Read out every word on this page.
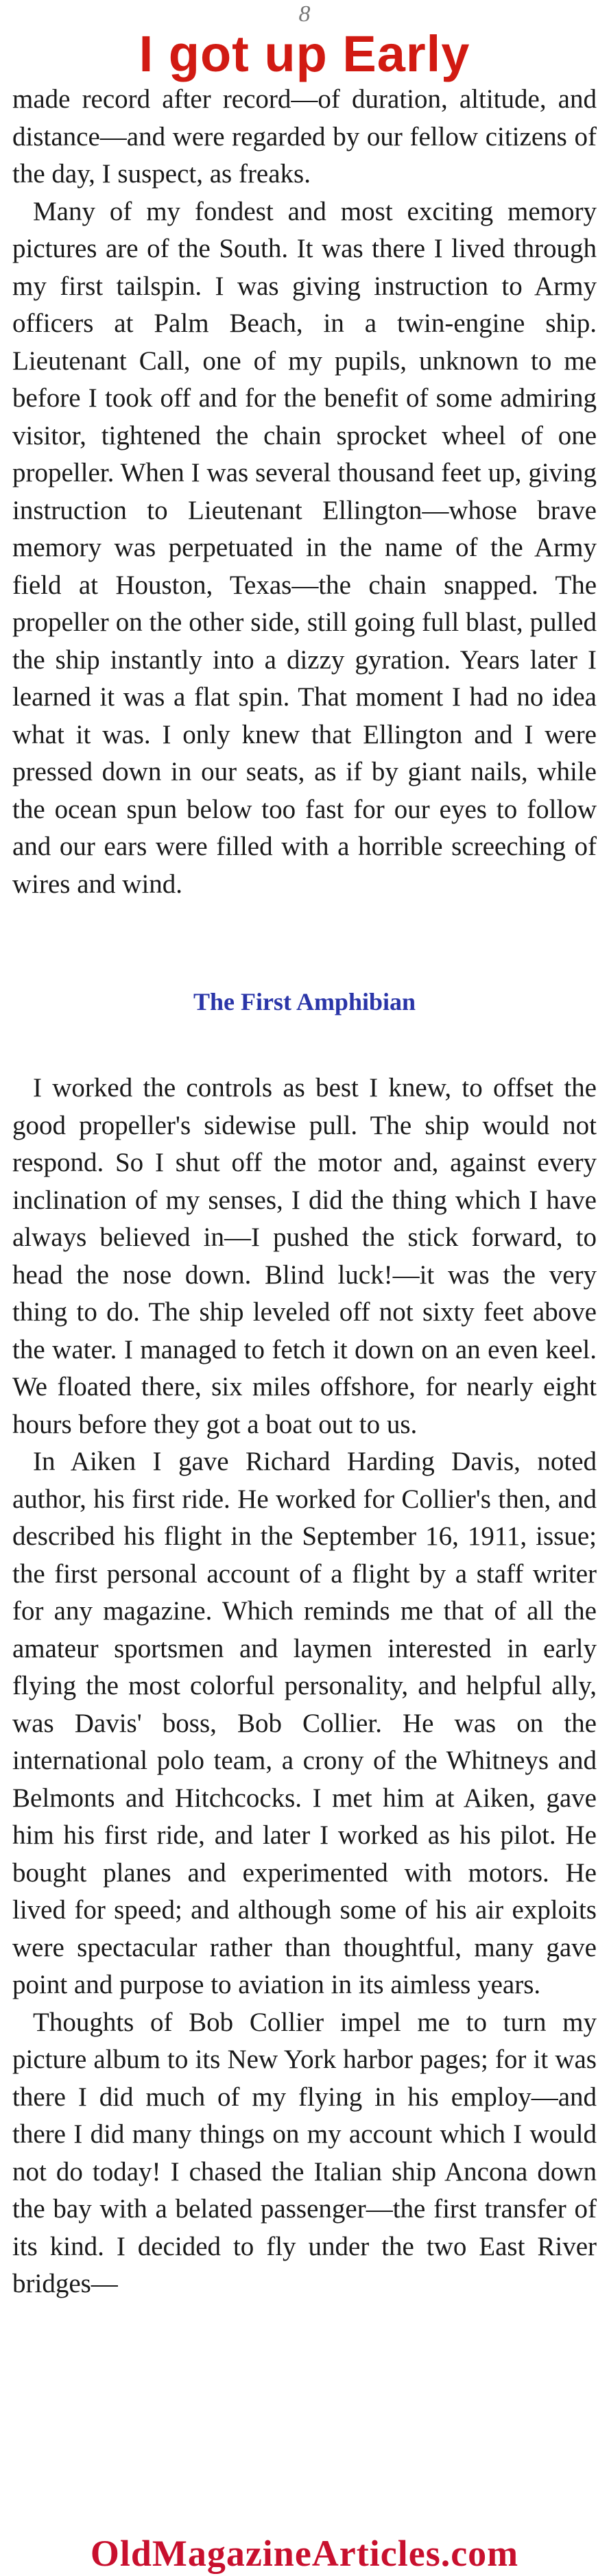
8
I got up Early

made record after record—of duration, altitude, and distance—and were regarded by our fellow citizens of the day, I suspect, as freaks.

Many of my fondest and most exciting memory pictures are of the South. It was there I lived through my first tailspin. I was giving instruction to Army officers at Palm Beach, in a twin-engine ship. Lieutenant Call, one of my pupils, unknown to me before I took off and for the benefit of some admiring visitor, tightened the chain sprocket wheel of one propeller. When I was several thousand feet up, giving instruction to Lieutenant Ellington—whose brave memory was perpetuated in the name of the Army field at Houston, Texas—the chain snapped. The propeller on the other side, still going full blast, pulled the ship instantly into a dizzy gyration. Years later I learned it was a flat spin. That moment I had no idea what it was. I only knew that Ellington and I were pressed down in our seats, as if by giant nails, while the ocean spun below too fast for our eyes to follow and our ears were filled with a horrible screeching of wires and wind.

The First Amphibian

I worked the controls as best I knew, to offset the good propeller's sidewise pull. The ship would not respond. So I shut off the motor and, against every inclination of my senses, I did the thing which I have always believed in—I pushed the stick forward, to head the nose down. Blind luck!—it was the very thing to do. The ship leveled off not sixty feet above the water. I managed to fetch it down on an even keel. We floated there, six miles offshore, for nearly eight hours before they got a boat out to us.

In Aiken I gave Richard Harding Davis, noted author, his first ride. He worked for Collier's then, and described his flight in the September 16, 1911, issue; the first personal account of a flight by a staff writer for any magazine. Which reminds me that of all the amateur sportsmen and laymen interested in early flying the most colorful personality, and helpful ally, was Davis' boss, Bob Collier. He was on the international polo team, a crony of the Whitneys and Belmonts and Hitchcocks. I met him at Aiken, gave him his first ride, and later I worked as his pilot. He bought planes and experimented with motors. He lived for speed; and although some of his air exploits were spectacular rather than thoughtful, many gave point and purpose to aviation in its aimless years.

Thoughts of Bob Collier impel me to turn my picture album to its New York harbor pages; for it was there I did much of my flying in his employ—and there I did many things on my account which I would not do today! I chased the Italian ship Ancona down the bay with a belated passenger—the first transfer of its kind. I decided to fly under the two East River bridges—

OldMagazineArticles.com
